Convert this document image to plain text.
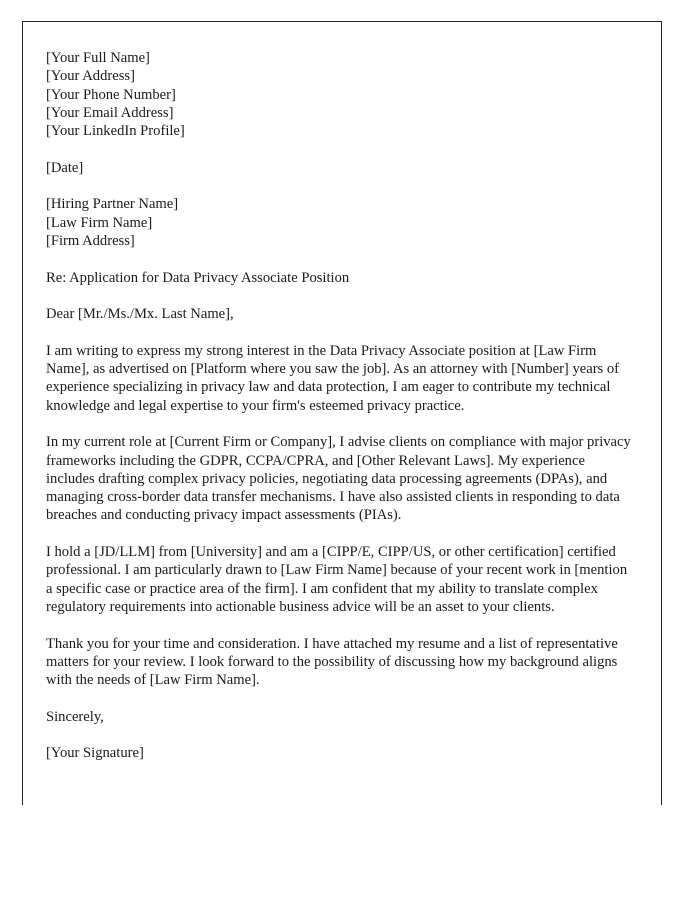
[Your Full Name]
[Your Address]
[Your Phone Number]
[Your Email Address]
[Your LinkedIn Profile]
[Date]
[Hiring Partner Name]
[Law Firm Name]
[Firm Address]
Re: Application for Data Privacy Associate Position
Dear [Mr./Ms./Mx. Last Name],

I am writing to express my strong interest in the Data Privacy Associate position at [Law Firm Name], as advertised on [Platform where you saw the job]. As an attorney with [Number] years of experience specializing in privacy law and data protection, I am eager to contribute my technical knowledge and legal expertise to your firm's esteemed privacy practice.

In my current role at [Current Firm or Company], I advise clients on compliance with major privacy frameworks including the GDPR, CCPA/CPRA, and [Other Relevant Laws]. My experience includes drafting complex privacy policies, negotiating data processing agreements (DPAs), and managing cross-border data transfer mechanisms. I have also assisted clients in responding to data breaches and conducting privacy impact assessments (PIAs).

I hold a [JD/LLM] from [University] and am a [CIPP/E, CIPP/US, or other certification] certified professional. I am particularly drawn to [Law Firm Name] because of your recent work in [mention a specific case or practice area of the firm]. I am confident that my ability to translate complex regulatory requirements into actionable business advice will be an asset to your clients.

Thank you for your time and consideration. I have attached my resume and a list of representative matters for your review. I look forward to the possibility of discussing how my background aligns with the needs of [Law Firm Name].

Sincerely,
[Your Signature]
